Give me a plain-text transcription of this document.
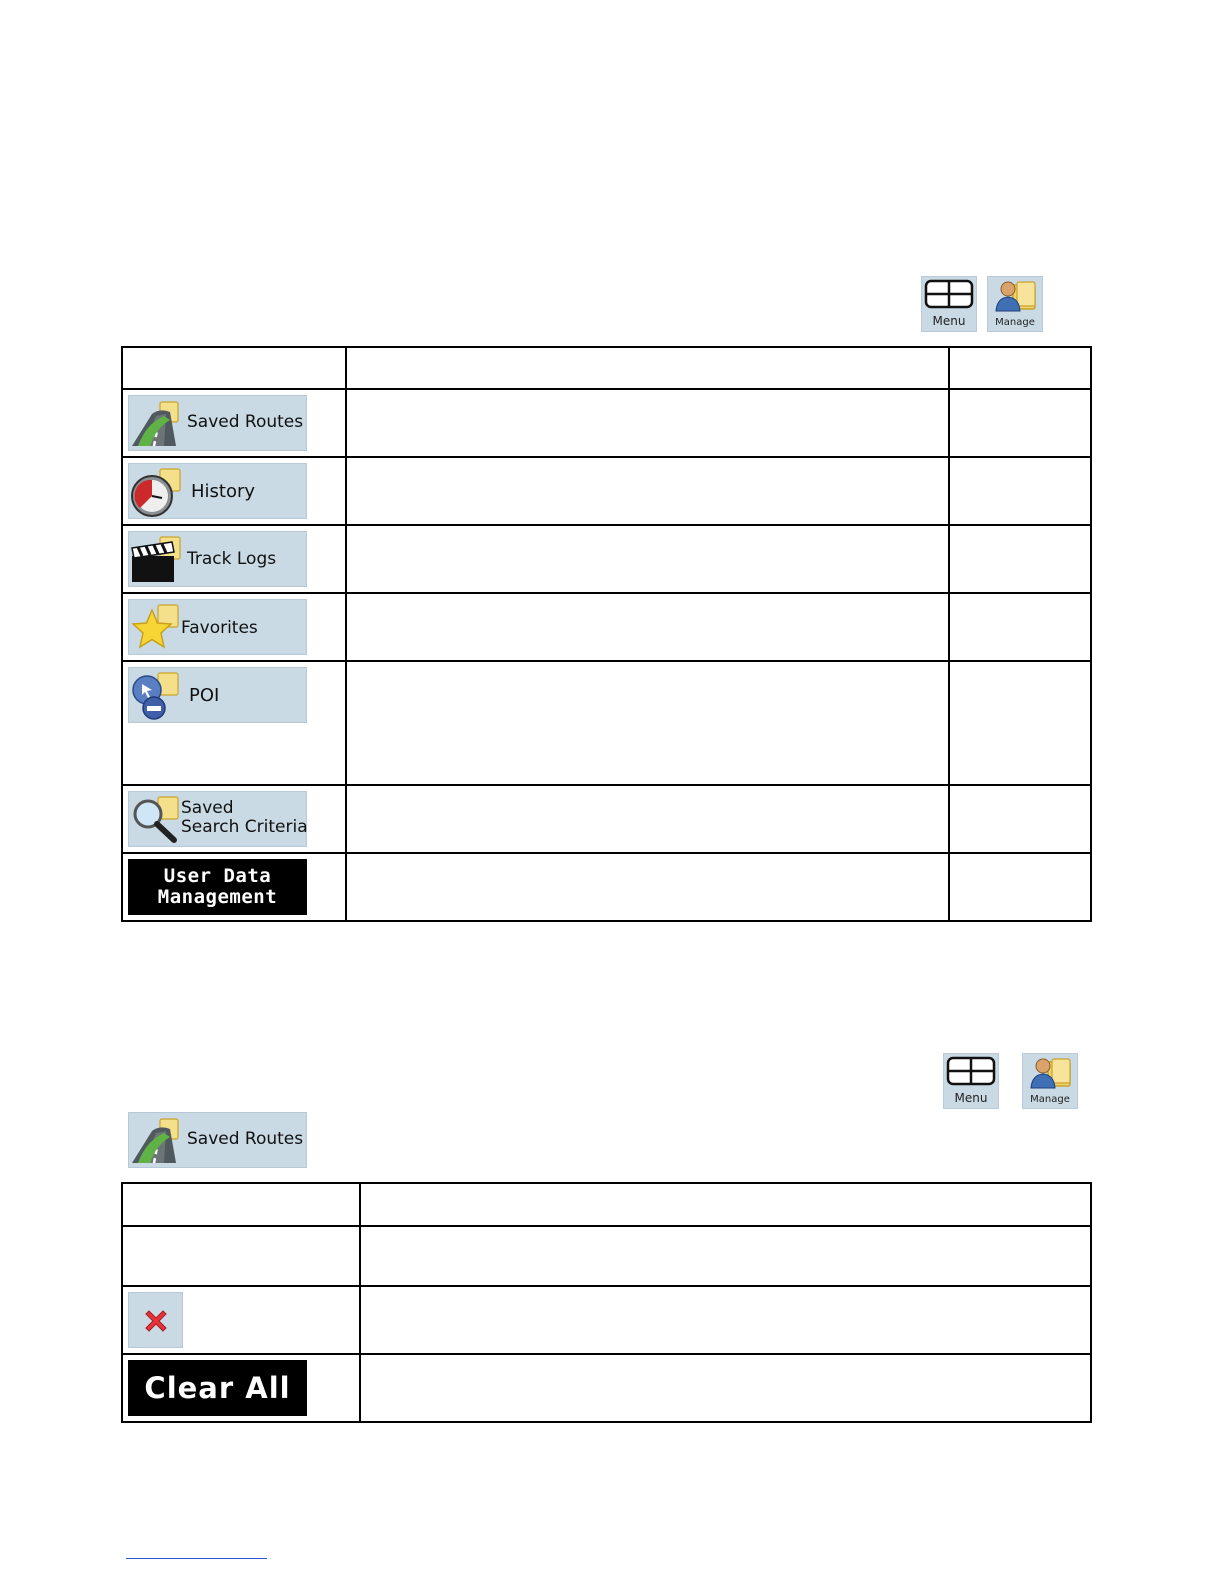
Menu	Manage

Saved Routes		

History		

Track Logs		

Favorites		

POI		

Saved
Search Criteria		

User Data
Management		

Menu	Manage
Saved Routes

Clear All	
